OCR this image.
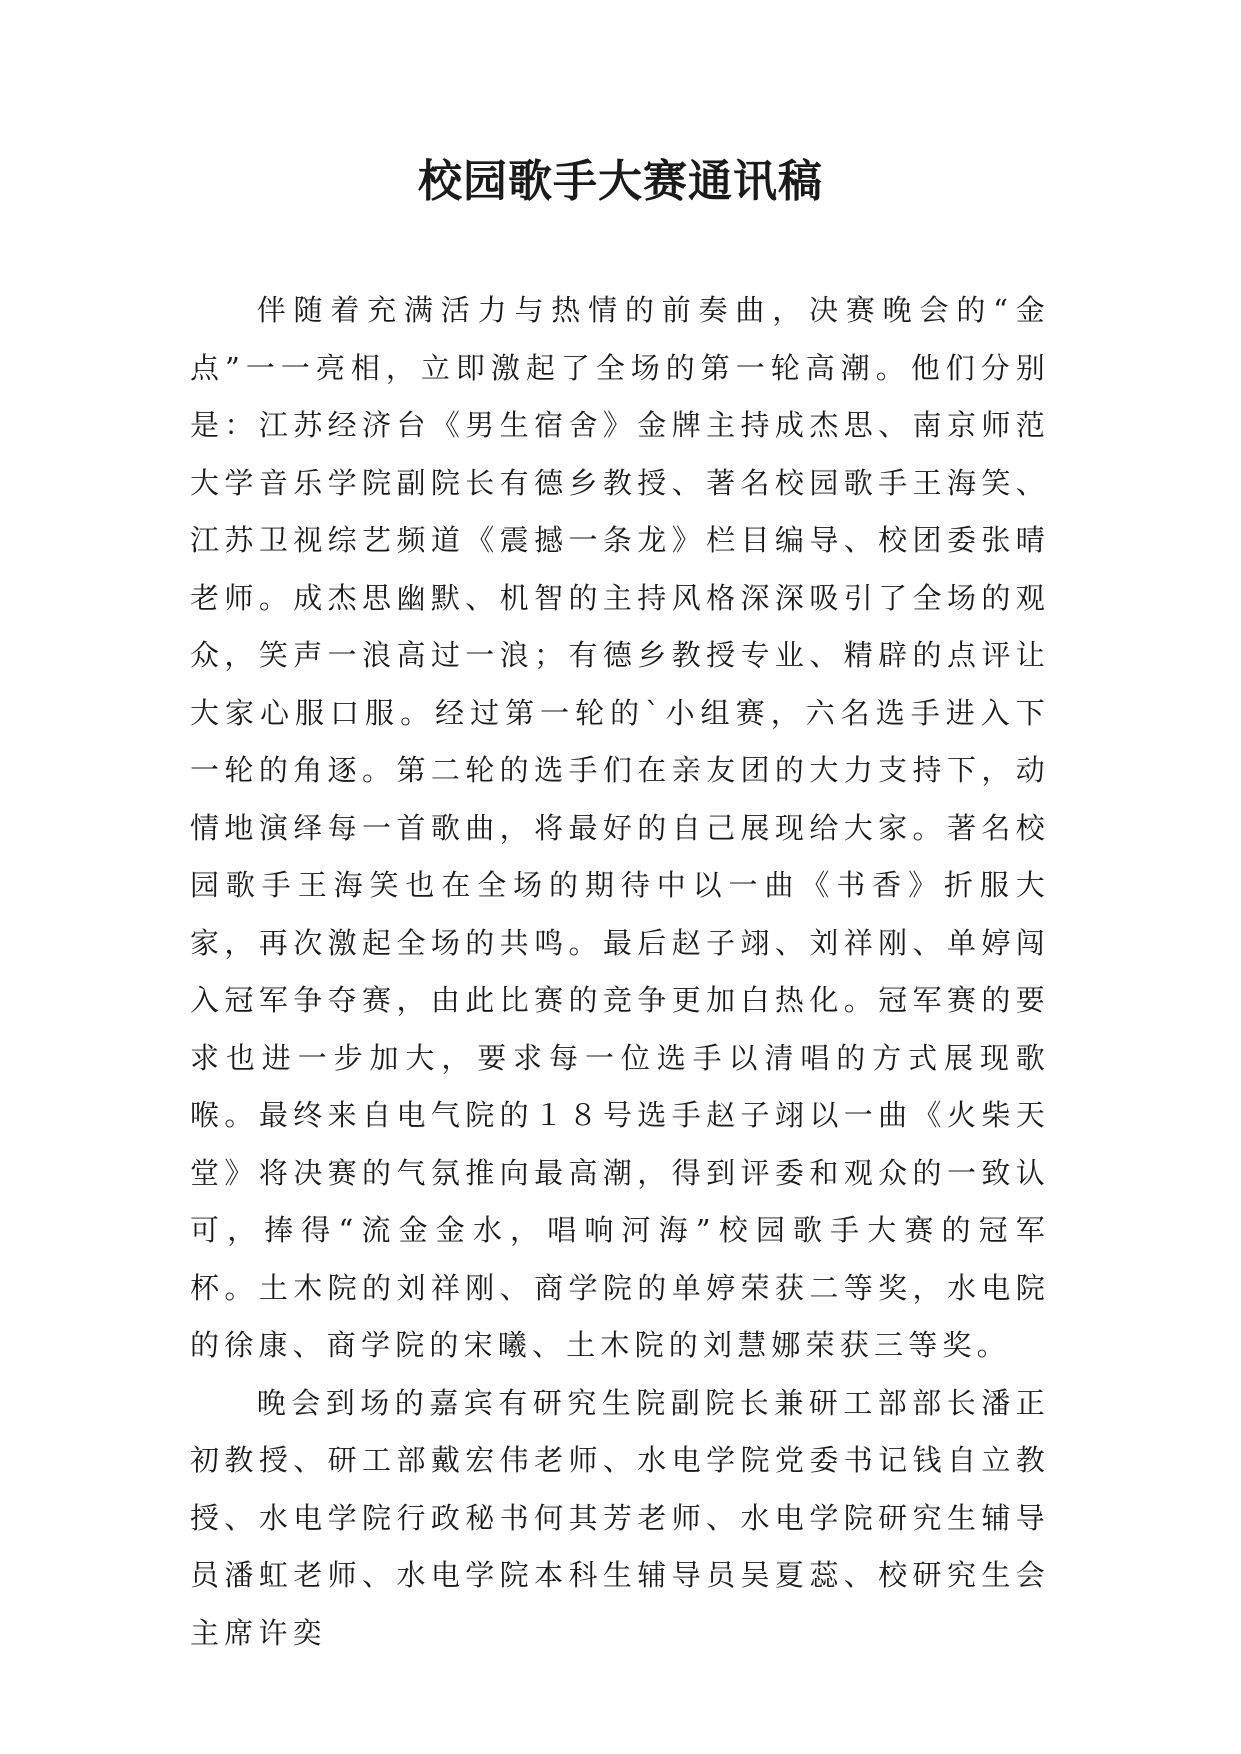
校园歌手大赛通讯稿

伴随着充满活力与热情的前奏曲，决赛晚会的“金点”一一亮相，立即激起了全场的第一轮高潮。他们分别是：江苏经济台《男生宿舍》金牌主持成杰思、南京师范大学音乐学院副院长有德乡教授、著名校园歌手王海笑、江苏卫视综艺频道《震撼一条龙》栏目编导、校团委张晴老师。成杰思幽默、机智的主持风格深深吸引了全场的观众，笑声一浪高过一浪；有德乡教授专业、精辟的点评让大家心服口服。经过第一轮的`小组赛，六名选手进入下一轮的角逐。第二轮的选手们在亲友团的大力支持下，动情地演绎每一首歌曲，将最好的自己展现给大家。著名校园歌手王海笑也在全场的期待中以一曲《书香》折服大家，再次激起全场的共鸣。最后赵子翊、刘祥刚、单婷闯入冠军争夺赛，由此比赛的竞争更加白热化。冠军赛的要求也进一步加大，要求每一位选手以清唱的方式展现歌喉。最终来自电气院的１８号选手赵子翊以一曲《火柴天堂》将决赛的气氛推向最高潮，得到评委和观众的一致认可，捧得“流金金水，唱响河海”校园歌手大赛的冠军杯。土木院的刘祥刚、商学院的单婷荣获二等奖，水电院的徐康、商学院的宋曦、土木院的刘慧娜荣获三等奖。

晚会到场的嘉宾有研究生院副院长兼研工部部长潘正初教授、研工部戴宏伟老师、水电学院党委书记钱自立教授、水电学院行政秘书何其芳老师、水电学院研究生辅导员潘虹老师、水电学院本科生辅导员吴夏蕊、校研究生会主席许奕
